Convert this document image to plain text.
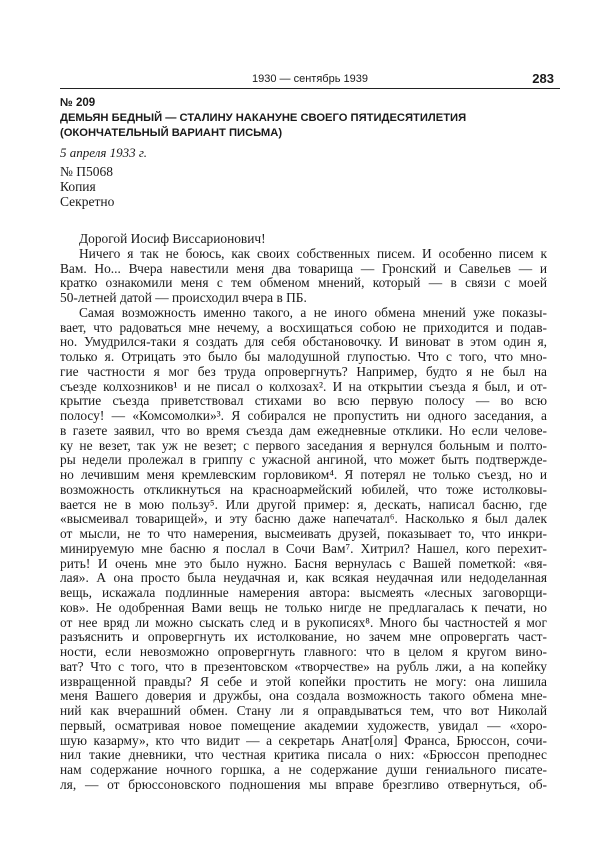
1930 — сентябрь 1939	283
№ 209
ДЕМЬЯН БЕДНЫЙ — СТАЛИНУ НАКАНУНЕ СВОЕГО ПЯТИДЕСЯТИЛЕТИЯ
(ОКОНЧАТЕЛЬНЫЙ ВАРИАНТ ПИСЬМА)
5 апреля 1933 г.
№ П5068
Копия
Секретно
Дорогой Иосиф Виссарионович!
Ничего я так не боюсь, как своих собственных писем. И особенно писем к
Вам. Но... Вчера навестили меня два товарища — Гронский и Савельев — и
кратко ознакомили меня с тем обменом мнений, который — в связи с моей
50-летней датой — происходил вчера в ПБ.
Самая возможность именно такого, а не иного обмена мнений уже показы-
вает, что радоваться мне нечему, а восхищаться собою не приходится и подав-
но. Умудрился-таки я создать для себя обстановочку. И виноват в этом один я,
только я. Отрицать это было бы малодушной глупостью. Что с того, что мно-
гие частности я мог без труда опровергнуть? Например, будто я не был на
съезде колхозников¹ и не писал о колхозах². И на открытии съезда я был, и от-
крытие съезда приветствовал стихами во всю первую полосу — во всю
полосу! — «Комсомолки»³. Я собирался не пропустить ни одного заседания, а
в газете заявил, что во время съезда дам ежедневные отклики. Но если челове-
ку не везет, так уж не везет; с первого заседания я вернулся больным и полто-
ры недели пролежал в гриппу с ужасной ангиной, что может быть подтвержде-
но лечившим меня кремлевским горловиком⁴. Я потерял не только съезд, но и
возможность откликнуться на красноармейский юбилей, что тоже истолковы-
вается не в мою пользу⁵. Или другой пример: я, дескать, написал басню, где
«высмеивал товарищей», и эту басню даже напечатал⁶. Насколько я был далек
от мысли, не то что намерения, высмеивать друзей, показывает то, что инкри-
минируемую мне басню я послал в Сочи Вам⁷. Хитрил? Нашел, кого перехит-
рить! И очень мне это было нужно. Басня вернулась с Вашей пометкой: «вя-
лая». А она просто была неудачная и, как всякая неудачная или недоделанная
вещь, искажала подлинные намерения автора: высмеять «лесных заговорщи-
ков». Не одобренная Вами вещь не только нигде не предлагалась к печати, но
от нее вряд ли можно сыскать след и в рукописях⁸. Много бы частностей я мог
разъяснить и опровергнуть их истолкование, но зачем мне опровергать част-
ности, если невозможно опровергнуть главного: что в целом я кругом вино-
ват? Что с того, что в презентовском «творчестве» на рубль лжи, а на копейку
извращенной правды? Я себе и этой копейки простить не могу: она лишила
меня Вашего доверия и дружбы, она создала возможность такого обмена мне-
ний как вчерашний обмен. Стану ли я оправдываться тем, что вот Николай
первый, осматривая новое помещение академии художеств, увидал — «хоро-
шую казарму», кто что видит — а секретарь Анат[оля] Франса, Брюссон, сочи-
нил такие дневники, что честная критика писала о них: «Брюссон преподнес
нам содержание ночного горшка, а не содержание души гениального писате-
ля, — от брюссоновского подношения мы вправе брезгливо отвернуться, об-
